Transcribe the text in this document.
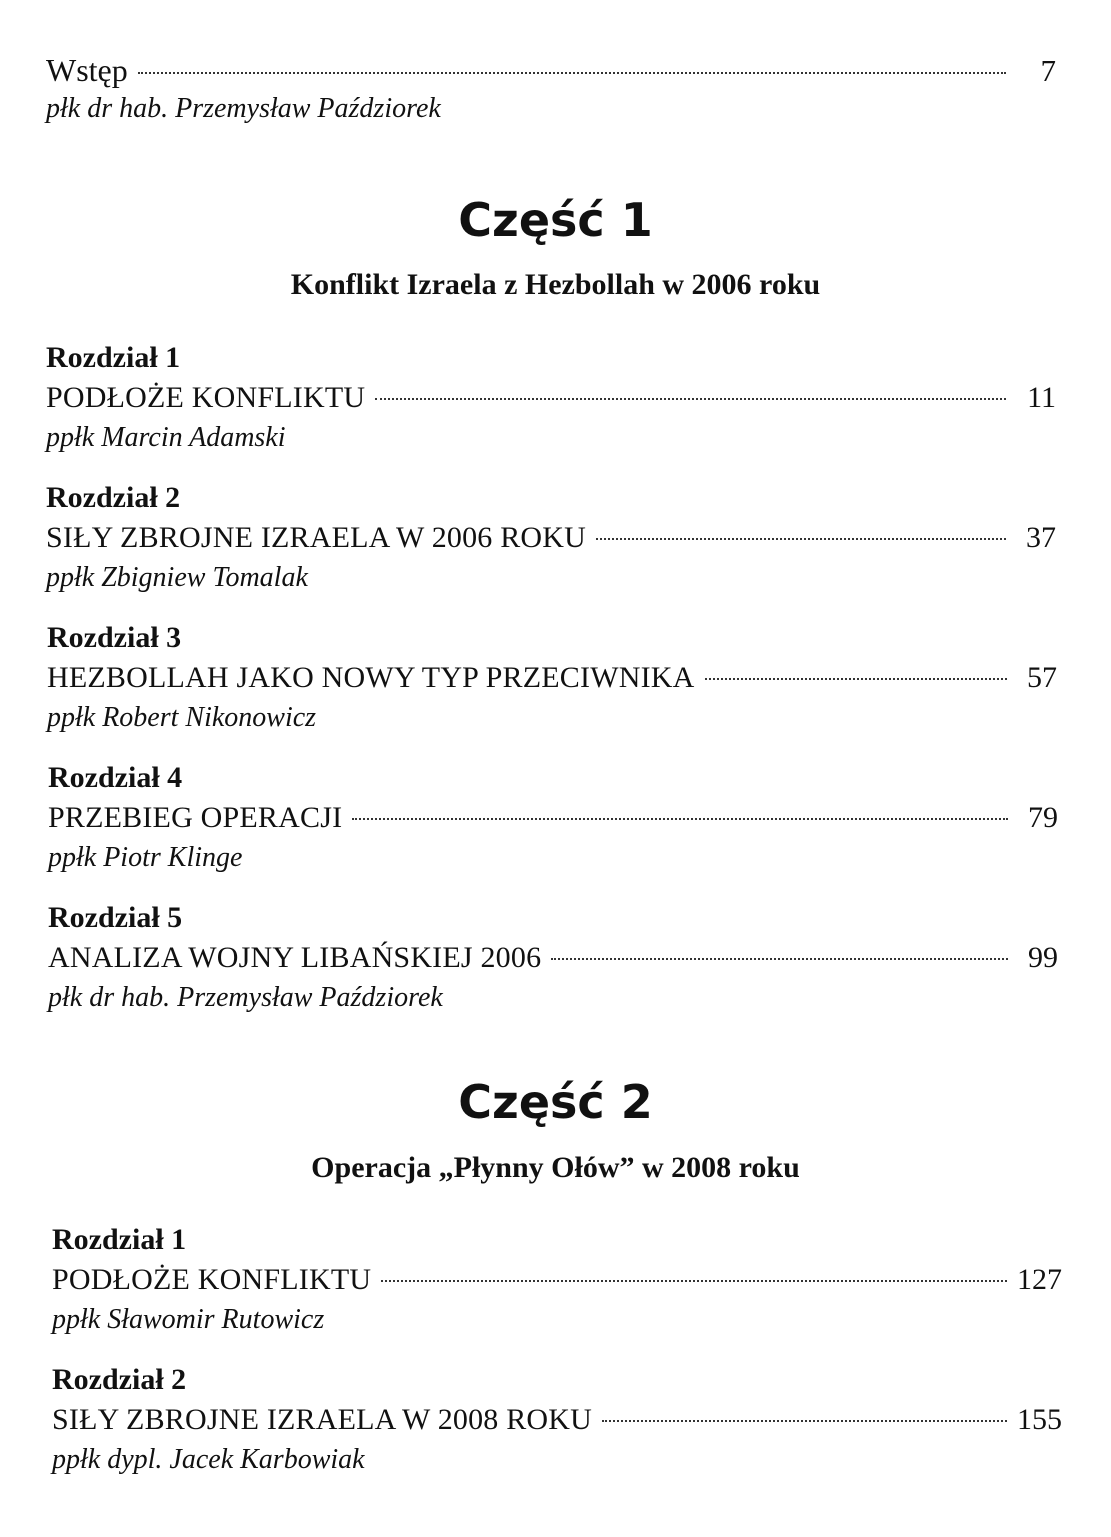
Wstęp	7
płk dr hab. Przemysław Paździorek
Część 1
Konflikt Izraela z Hezbollah w 2006 roku
Rozdział 1
PODŁOŻE KONFLIKTU	11
ppłk Marcin Adamski
Rozdział 2
SIŁY ZBROJNE IZRAELA W 2006 ROKU	37
ppłk Zbigniew Tomalak
Rozdział 3
HEZBOLLAH JAKO NOWY TYP PRZECIWNIKA	57
ppłk Robert Nikonowicz
Rozdział 4
PRZEBIEG OPERACJI	79
ppłk Piotr Klinge
Rozdział 5
ANALIZA WOJNY LIBAŃSKIEJ 2006	99
płk dr hab. Przemysław Paździorek
Część 2
Operacja „Płynny Ołów” w 2008 roku
Rozdział 1
PODŁOŻE KONFLIKTU	127
ppłk Sławomir Rutowicz
Rozdział 2
SIŁY ZBROJNE IZRAELA W 2008 ROKU	155
ppłk dypl. Jacek Karbowiak
